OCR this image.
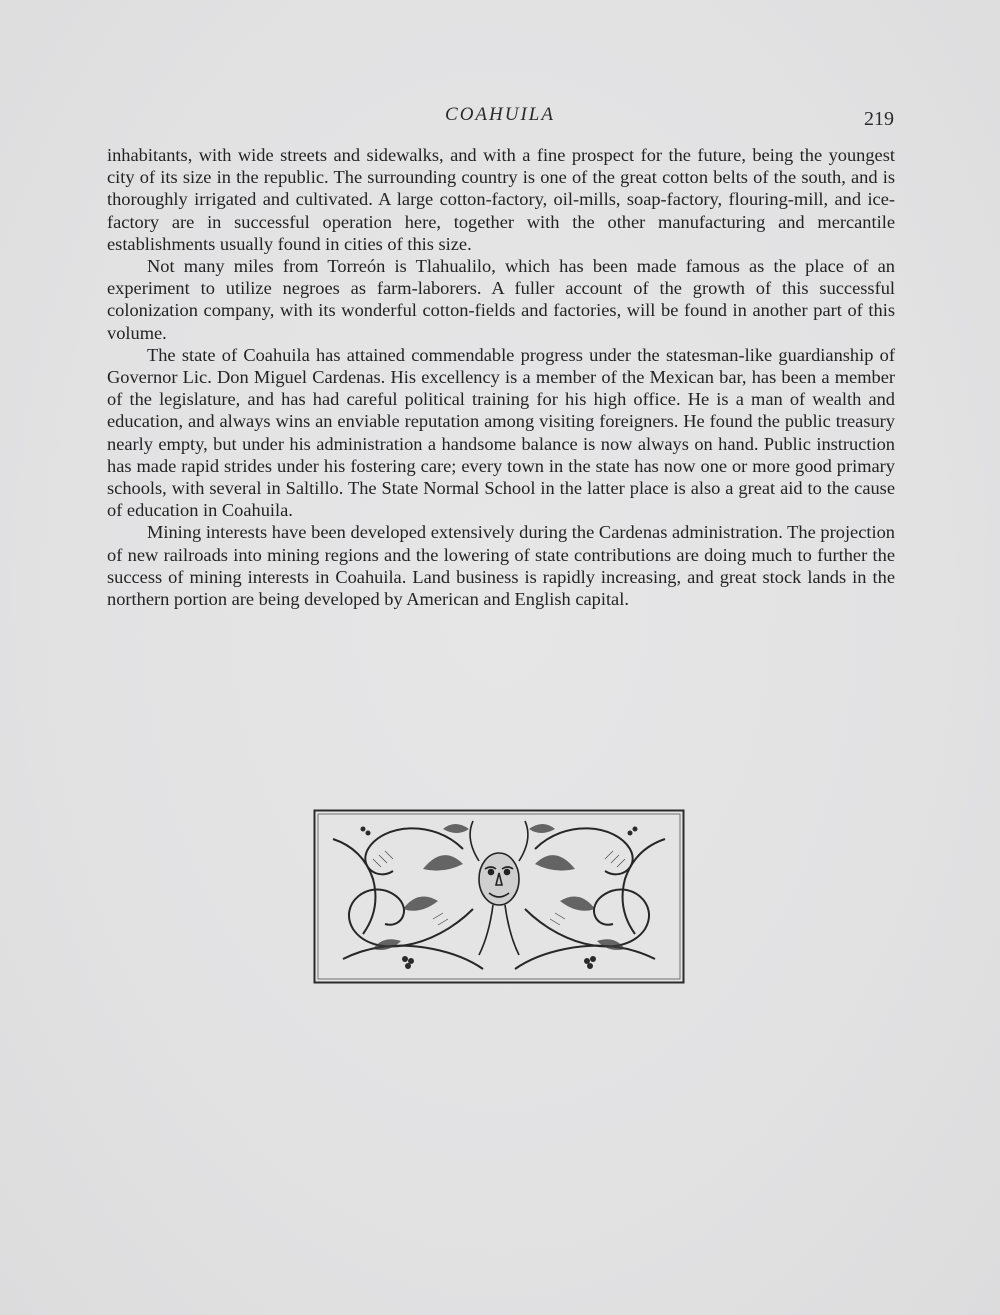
COAHUILA	219

inhabitants, with wide streets and sidewalks, and with a fine prospect for the future, being the youngest city of its size in the republic. The surrounding country is one of the great cotton belts of the south, and is thoroughly irrigated and cultivated. A large cotton-factory, oil-mills, soap-factory, flouring-mill, and ice-factory are in successful operation here, together with the other manufacturing and mercantile establishments usually found in cities of this size.

Not many miles from Torreón is Tlahualilo, which has been made famous as the place of an experiment to utilize negroes as farm-laborers. A fuller account of the growth of this successful colonization company, with its wonderful cotton-fields and factories, will be found in another part of this volume.

The state of Coahuila has attained commendable progress under the statesman-like guardianship of Governor Lic. Don Miguel Cardenas. His excellency is a member of the Mexican bar, has been a member of the legislature, and has had careful political training for his high office. He is a man of wealth and education, and always wins an enviable reputation among visiting foreigners. He found the public treasury nearly empty, but under his administration a handsome balance is now always on hand. Public instruction has made rapid strides under his fostering care; every town in the state has now one or more good primary schools, with several in Saltillo. The State Normal School in the latter place is also a great aid to the cause of education in Coahuila.

Mining interests have been developed extensively during the Cardenas administration. The projection of new railroads into mining regions and the lowering of state contributions are doing much to further the success of mining interests in Coahuila. Land business is rapidly increasing, and great stock lands in the northern portion are being developed by American and English capital.
